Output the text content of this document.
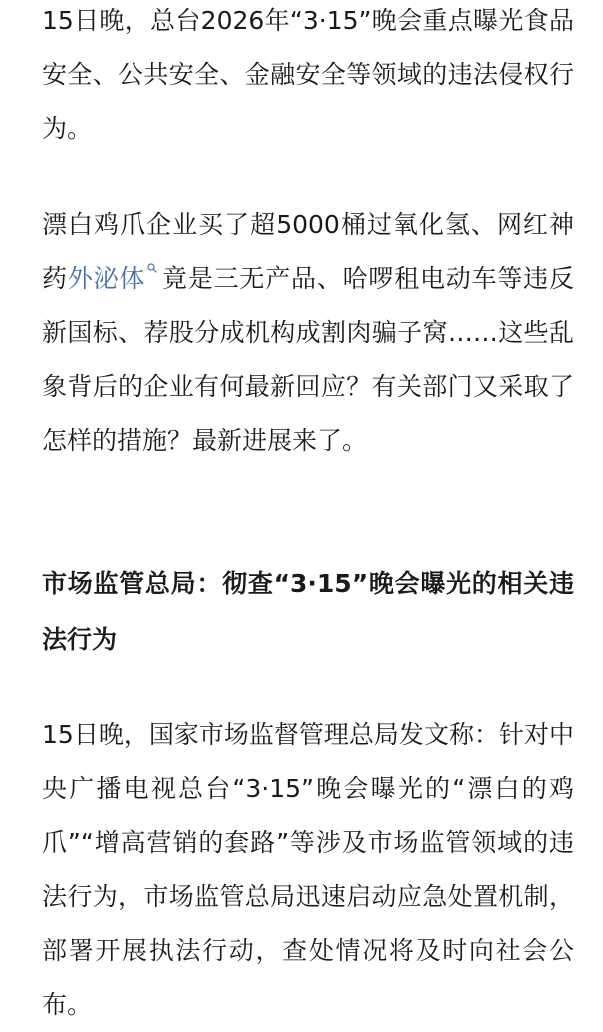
15日晚，总台2026年“3·15”晚会重点曝光食品安全、公共安全、金融安全等领域的违法侵权行为。

漂白鸡爪企业买了超5000桶过氧化氢、网红神药外泌体 竟是三无产品、哈啰租电动车等违反新国标、荐股分成机构成割肉骗子窝……这些乱象背后的企业有何最新回应？有关部门又采取了怎样的措施？最新进展来了。

市场监管总局：彻查“3·15”晚会曝光的相关违法行为

15日晚，国家市场监督管理总局发文称：针对中央广播电视总台“3·15”晚会曝光的“漂白的鸡爪”“增高营销的套路”等涉及市场监管领域的违法行为，市场监管总局迅速启动应急处置机制，部署开展执法行动，查处情况将及时向社会公布。
